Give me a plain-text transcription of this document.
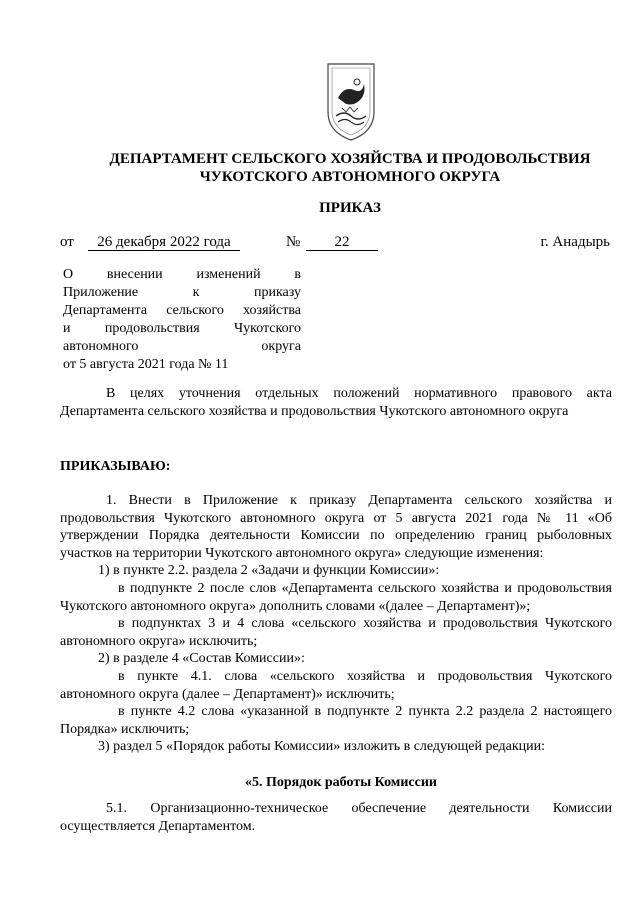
ДЕПАРТАМЕНТ СЕЛЬСКОГО ХОЗЯЙСТВА И ПРОДОВОЛЬСТВИЯ
ЧУКОТСКОГО АВТОНОМНОГО ОКРУГА
ПРИКАЗ
от	26 декабря 2022 года	№	22	г. Анадырь
О внесении изменений в
Приложение к приказу
Департамента сельского хозяйства
и продовольствия Чукотского
автономного округа
от 5 августа 2021 года № 11

В целях уточнения отдельных положений нормативного правового акта Департамента сельского хозяйства и продовольствия Чукотского автономного округа

ПРИКАЗЫВАЮ:

1. Внести в Приложение к приказу Департамента сельского хозяйства и продовольствия Чукотского автономного округа от 5 августа 2021 года № 11 «Об утверждении Порядка деятельности Комиссии по определению границ рыболовных участков на территории Чукотского автономного округа» следующие изменения:

1) в пункте 2.2. раздела 2 «Задачи и функции Комиссии»:

в подпункте 2 после слов «Департамента сельского хозяйства и продовольствия Чукотского автономного округа» дополнить словами «(далее – Департамент)»;

в подпунктах 3 и 4 слова «сельского хозяйства и продовольствия Чукотского автономного округа» исключить;

2) в разделе 4 «Состав Комиссии»:

в пункте 4.1. слова «сельского хозяйства и продовольствия Чукотского автономного округа (далее – Департамент)» исключить;

в пункте 4.2 слова «указанной в подпункте 2 пункта 2.2 раздела 2 настоящего Порядка» исключить;

3) раздел 5 «Порядок работы Комиссии» изложить в следующей редакции:

«5. Порядок работы Комиссии

5.1. Организационно-техническое обеспечение деятельности Комиссии осуществляется Департаментом.
